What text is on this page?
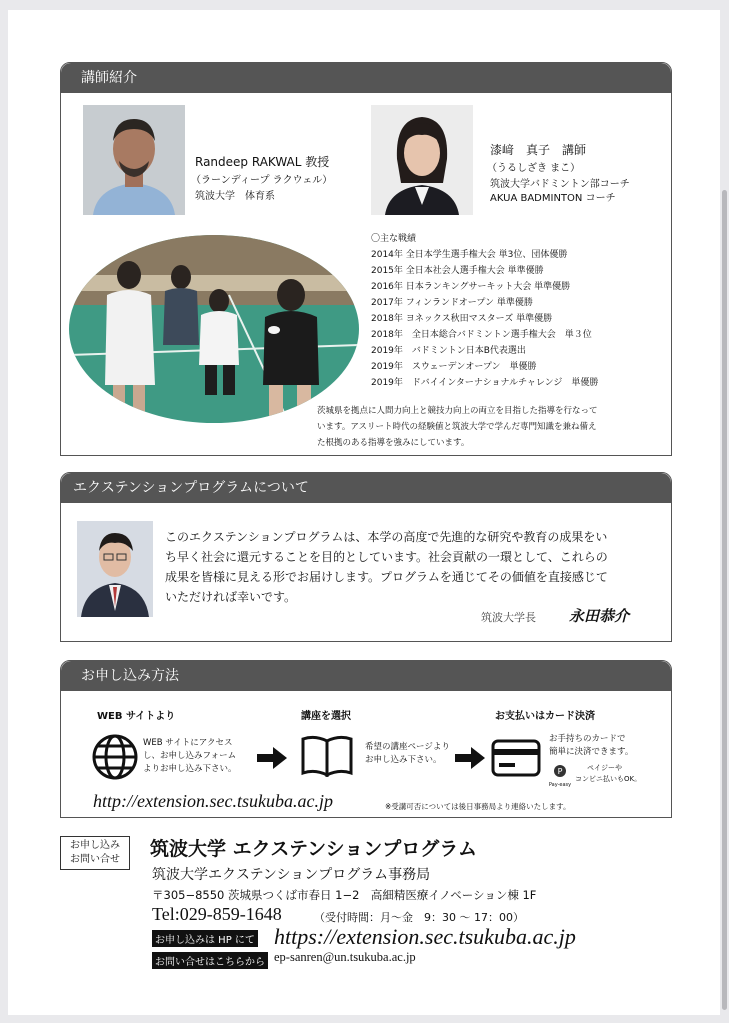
講師紹介
Randeep RAKWAL 教授
（ラーンディープ ラクウェル）
筑波大学　体育系
漆﨑　真子　講師
（うるしざき まこ）
筑波大学バドミントン部コーチ
AKUA BADMINTON コーチ
〇主な戦績
2014年 全日本学生選手権大会 単3位、団体優勝
2015年 全日本社会人選手権大会 単準優勝
2016年 日本ランキングサーキット大会 単準優勝
2017年 フィンランドオープン 単準優勝
2018年 ヨネックス秋田マスターズ 単準優勝
2018年　全日本総合バドミントン選手権大会　単３位
2019年　バドミントン日本B代表選出
2019年　スウェーデンオープン　単優勝
2019年　ドバイインターナショナルチャレンジ　単優勝
茨城県を拠点に人間力向上と競技力向上の両立を目指した指導を行なって
います。アスリート時代の経験値と筑波大学で学んだ専門知識を兼ね備え
た根拠のある指導を強みにしています。
エクステンションプログラムについて
このエクステンションプログラムは、本学の高度で先進的な研究や教育の成果をい
ち早く社会に還元することを目的としています。社会貢献の一環として、これらの
成果を皆様に見える形でお届けします。プログラムを通じてその価値を直接感じて
いただければ幸いです。
筑波大学長 永田恭介
お申し込み方法
WEB サイトより
WEB サイトにアクセス
し、お申し込みフォーム
よりお申し込み下さい。
講座を選択
希望の講座ページより
お申し込み下さい。
お支払いはカード決済
お手持ちのカードで
簡単に決済できます。
P
Pay-easy
ペイジーや
コンビニ払いもOK。
http://extension.sec.tsukuba.ac.jp	※受講可否については後日事務局より連絡いたします。
お申し込み
お問い合せ	筑波大学 エクステンションプログラム
筑波大学エクステンションプログラム事務局
〒305−8550 茨城県つくば市春日 1−2　高細精医療イノベーション棟 1F
Tel:029-859-1648	（受付時間：月〜金　9：30 〜 17：00）
お申し込みは HP にて https://extension.sec.tsukuba.ac.jp
お問い合せはこちらから ep-sanren@un.tsukuba.ac.jp
